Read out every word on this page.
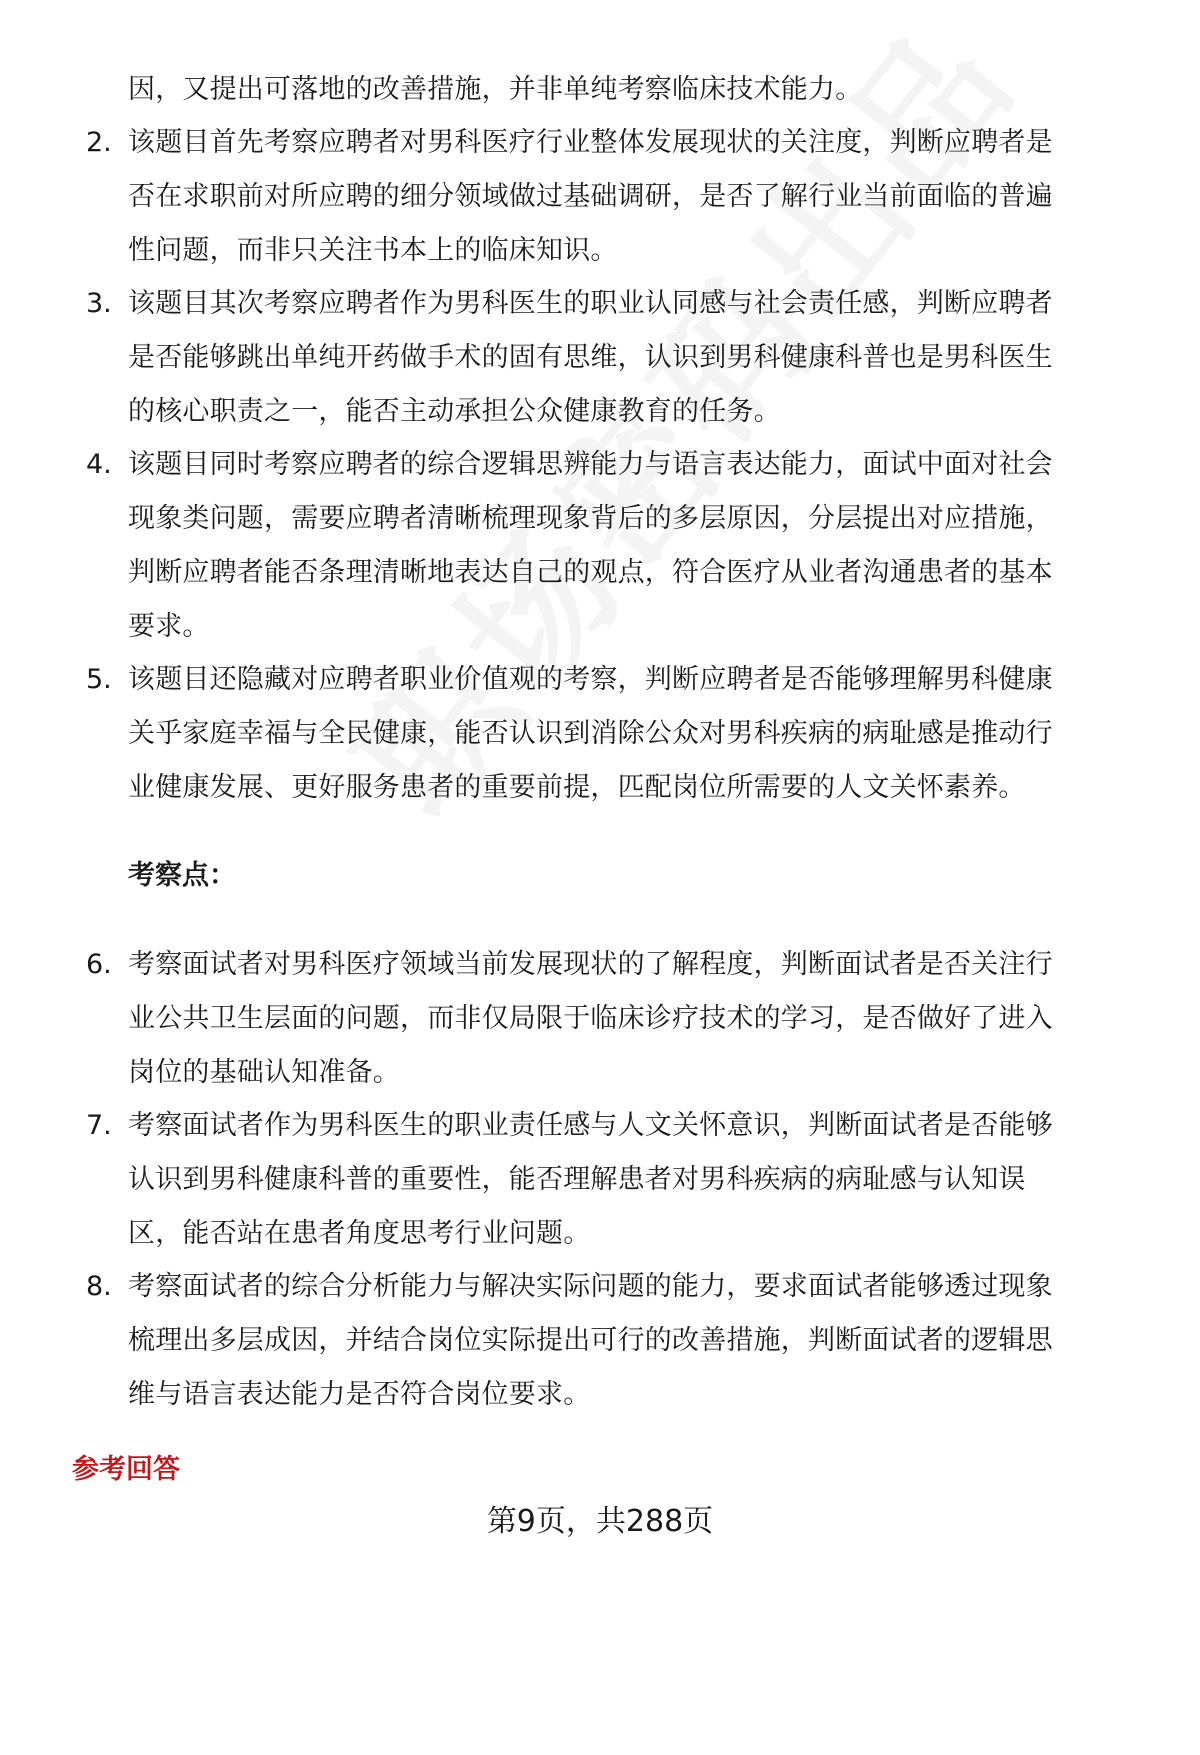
因，又提出可落地的改善措施，并非单纯考察临床技术能力。
2. 该题目首先考察应聘者对男科医疗行业整体发展现状的关注度，判断应聘者是
否在求职前对所应聘的细分领域做过基础调研，是否了解行业当前面临的普遍
性问题，而非只关注书本上的临床知识。
3. 该题目其次考察应聘者作为男科医生的职业认同感与社会责任感，判断应聘者
是否能够跳出单纯开药做手术的固有思维，认识到男科健康科普也是男科医生
的核心职责之一，能否主动承担公众健康教育的任务。
4. 该题目同时考察应聘者的综合逻辑思辨能力与语言表达能力，面试中面对社会
现象类问题，需要应聘者清晰梳理现象背后的多层原因，分层提出对应措施，
判断应聘者能否条理清晰地表达自己的观点，符合医疗从业者沟通患者的基本
要求。
5. 该题目还隐藏对应聘者职业价值观的考察，判断应聘者是否能够理解男科健康
关乎家庭幸福与全民健康，能否认识到消除公众对男科疾病的病耻感是推动行
业健康发展、更好服务患者的重要前提，匹配岗位所需要的人文关怀素养。
考察点：
6. 考察面试者对男科医疗领域当前发展现状的了解程度，判断面试者是否关注行
业公共卫生层面的问题，而非仅局限于临床诊疗技术的学习，是否做好了进入
岗位的基础认知准备。
7. 考察面试者作为男科医生的职业责任感与人文关怀意识，判断面试者是否能够
认识到男科健康科普的重要性，能否理解患者对男科疾病的病耻感与认知误
区，能否站在患者角度思考行业问题。
8. 考察面试者的综合分析能力与解决实际问题的能力，要求面试者能够透过现象
梳理出多层成因，并结合岗位实际提出可行的改善措施，判断面试者的逻辑思
维与语言表达能力是否符合岗位要求。
参考回答
第9页，共288页
